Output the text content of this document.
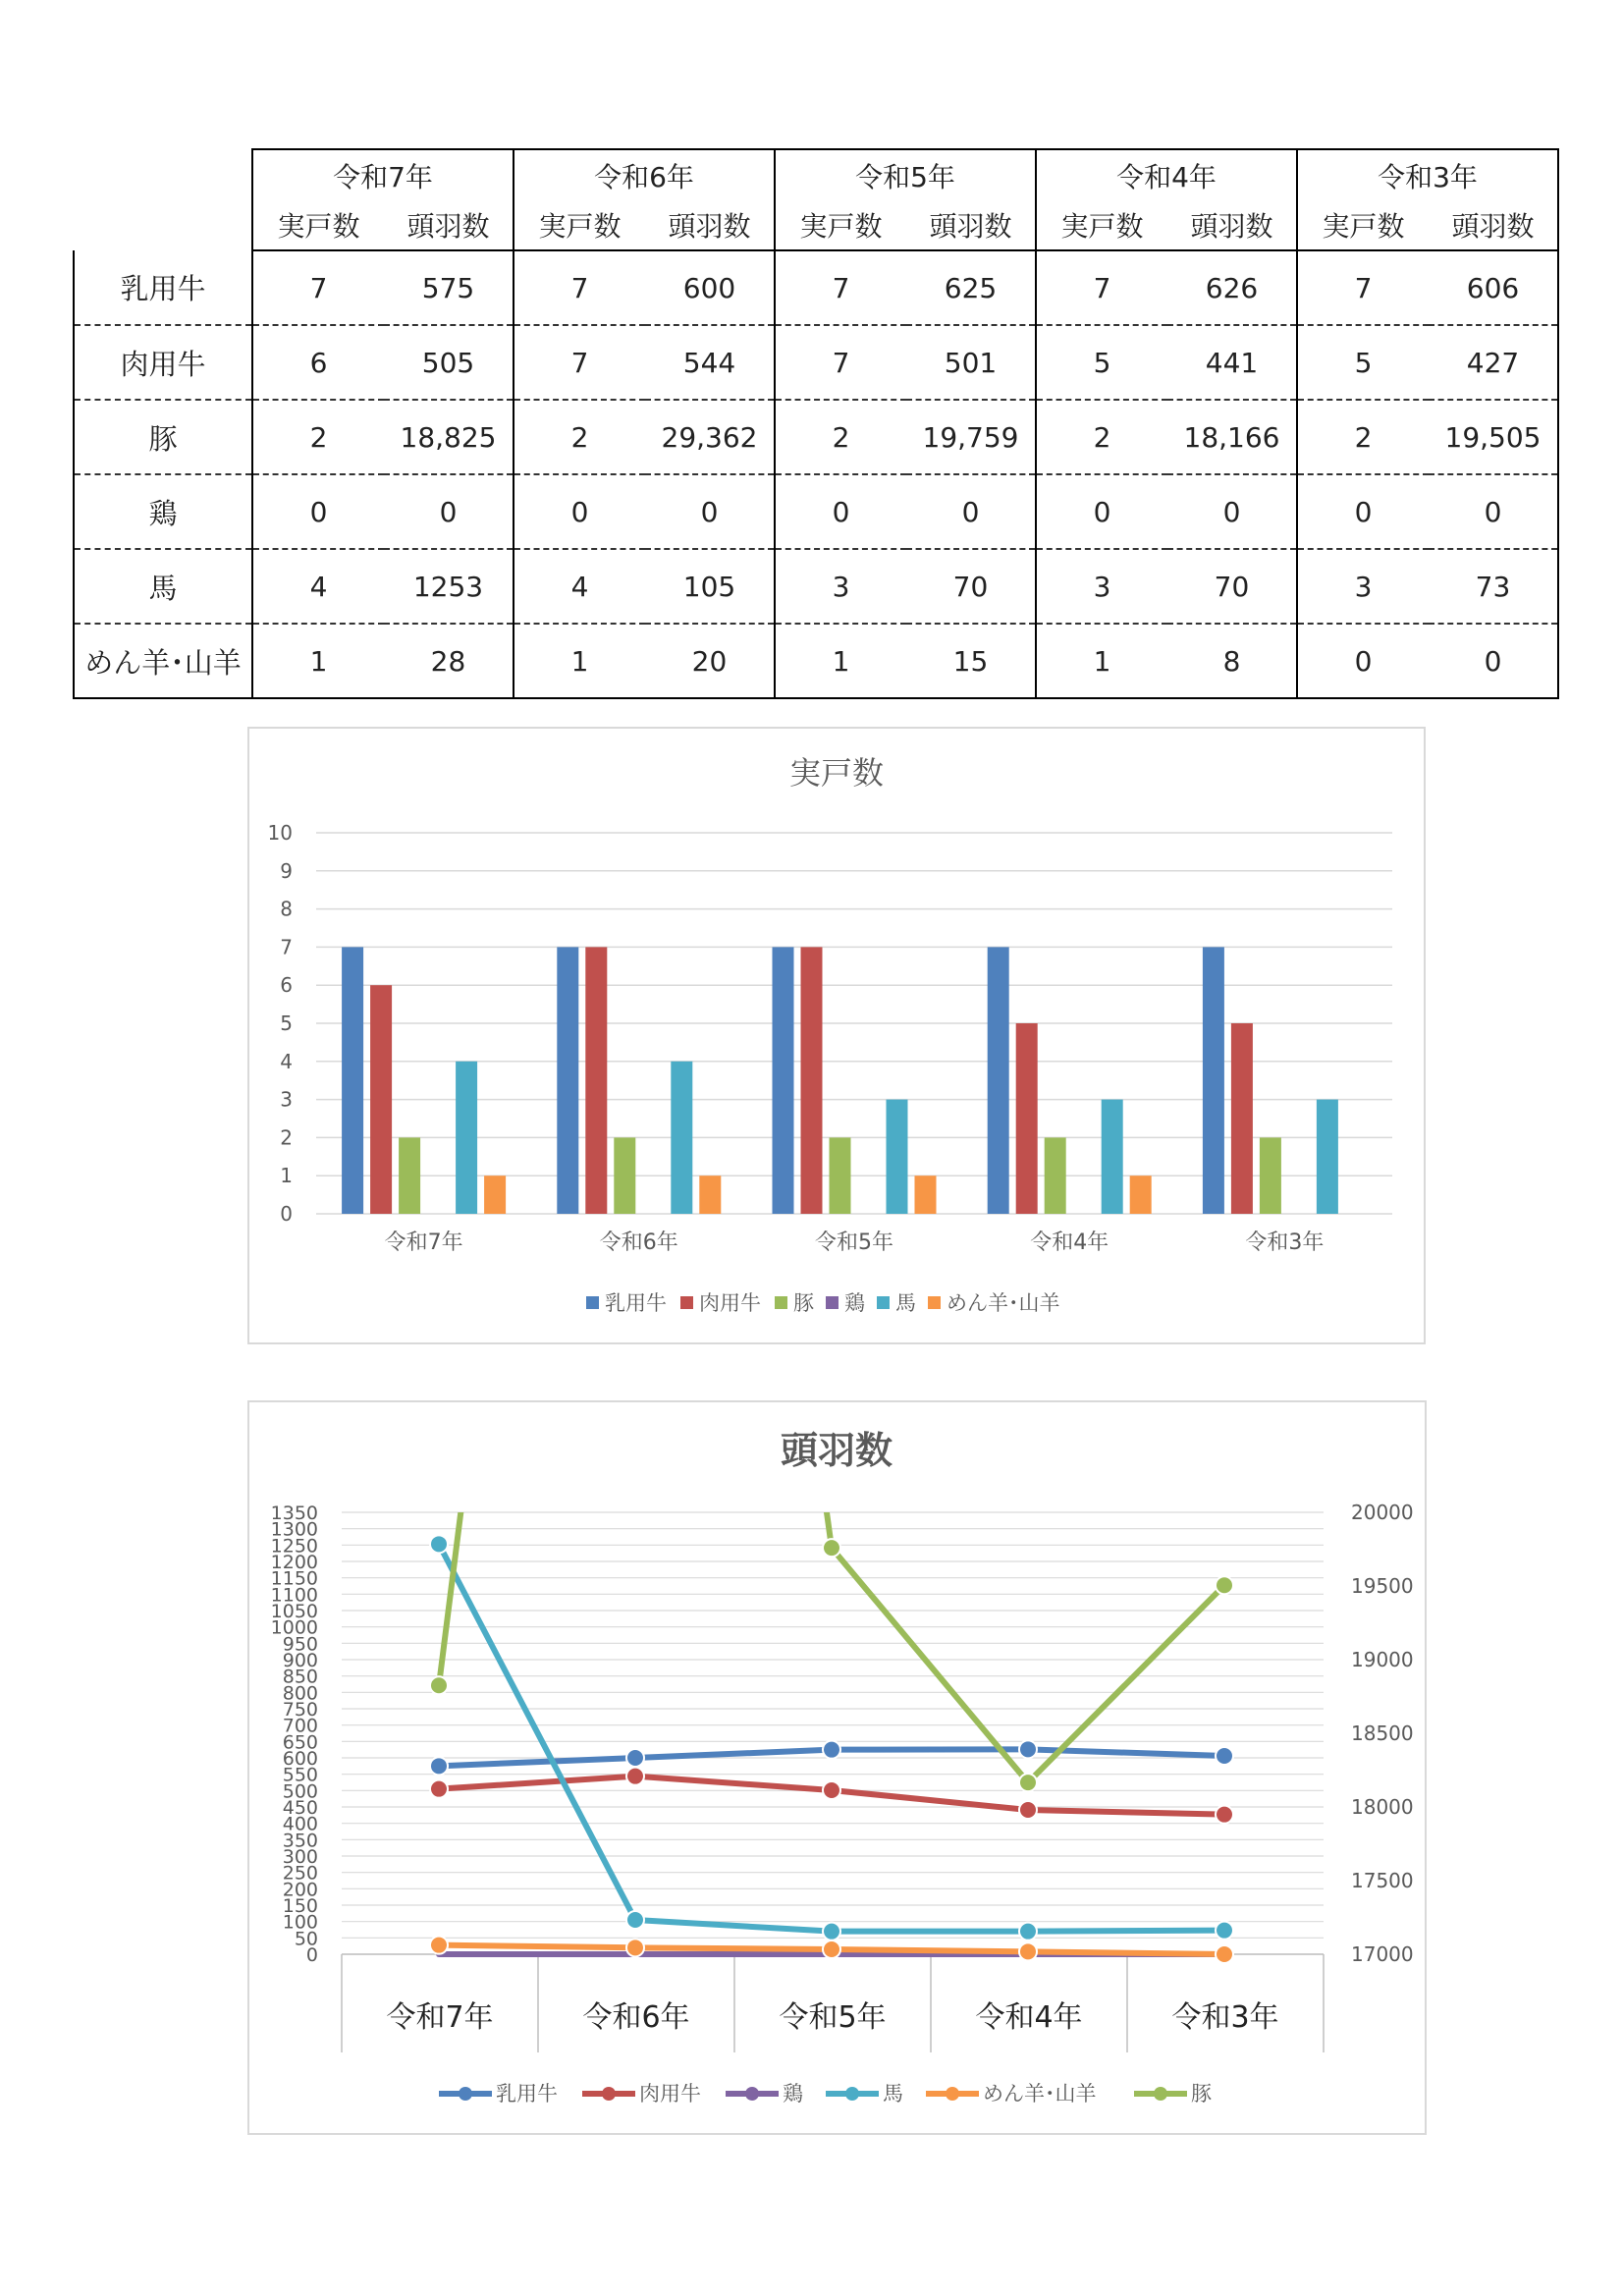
	令和7年		令和6年		令和5年		令和4年		令和3年	
	実戸数	頭羽数	実戸数	頭羽数	実戸数	頭羽数	実戸数	頭羽数	実戸数	頭羽数
乳用牛	7	575	7	600	7	625	7	626	7	606
肉用牛	6	505	7	544	7	501	5	441	5	427
豚	2	18,825	2	29,362	2	19,759	2	18,166	2	19,505
鶏	0	0	0	0	0	0	0	0	0	0
馬	4	1253	4	105	3	70	3	70	3	73
めん羊･山羊	1	28	1	20	1	15	1	8	0	0
実戸数
0
1
2
3
4
5
6
7
8
9
10
令和7年	令和6年	令和5年	令和4年	令和3年
乳用牛 肉用牛 豚 鶏 馬 めん羊･山羊
頭羽数
0
50
100
150
200
250
300
350
400
450
500
550
600
650
700
750
800
850
900
950
1000
1050
1100
1150
1200
1250
1300
1350
17000
17500
18000
18500
19000
19500
20000
令和7年	令和6年	令和5年	令和4年	令和3年
乳用牛	肉用牛	鶏	馬	めん羊･山羊	豚
